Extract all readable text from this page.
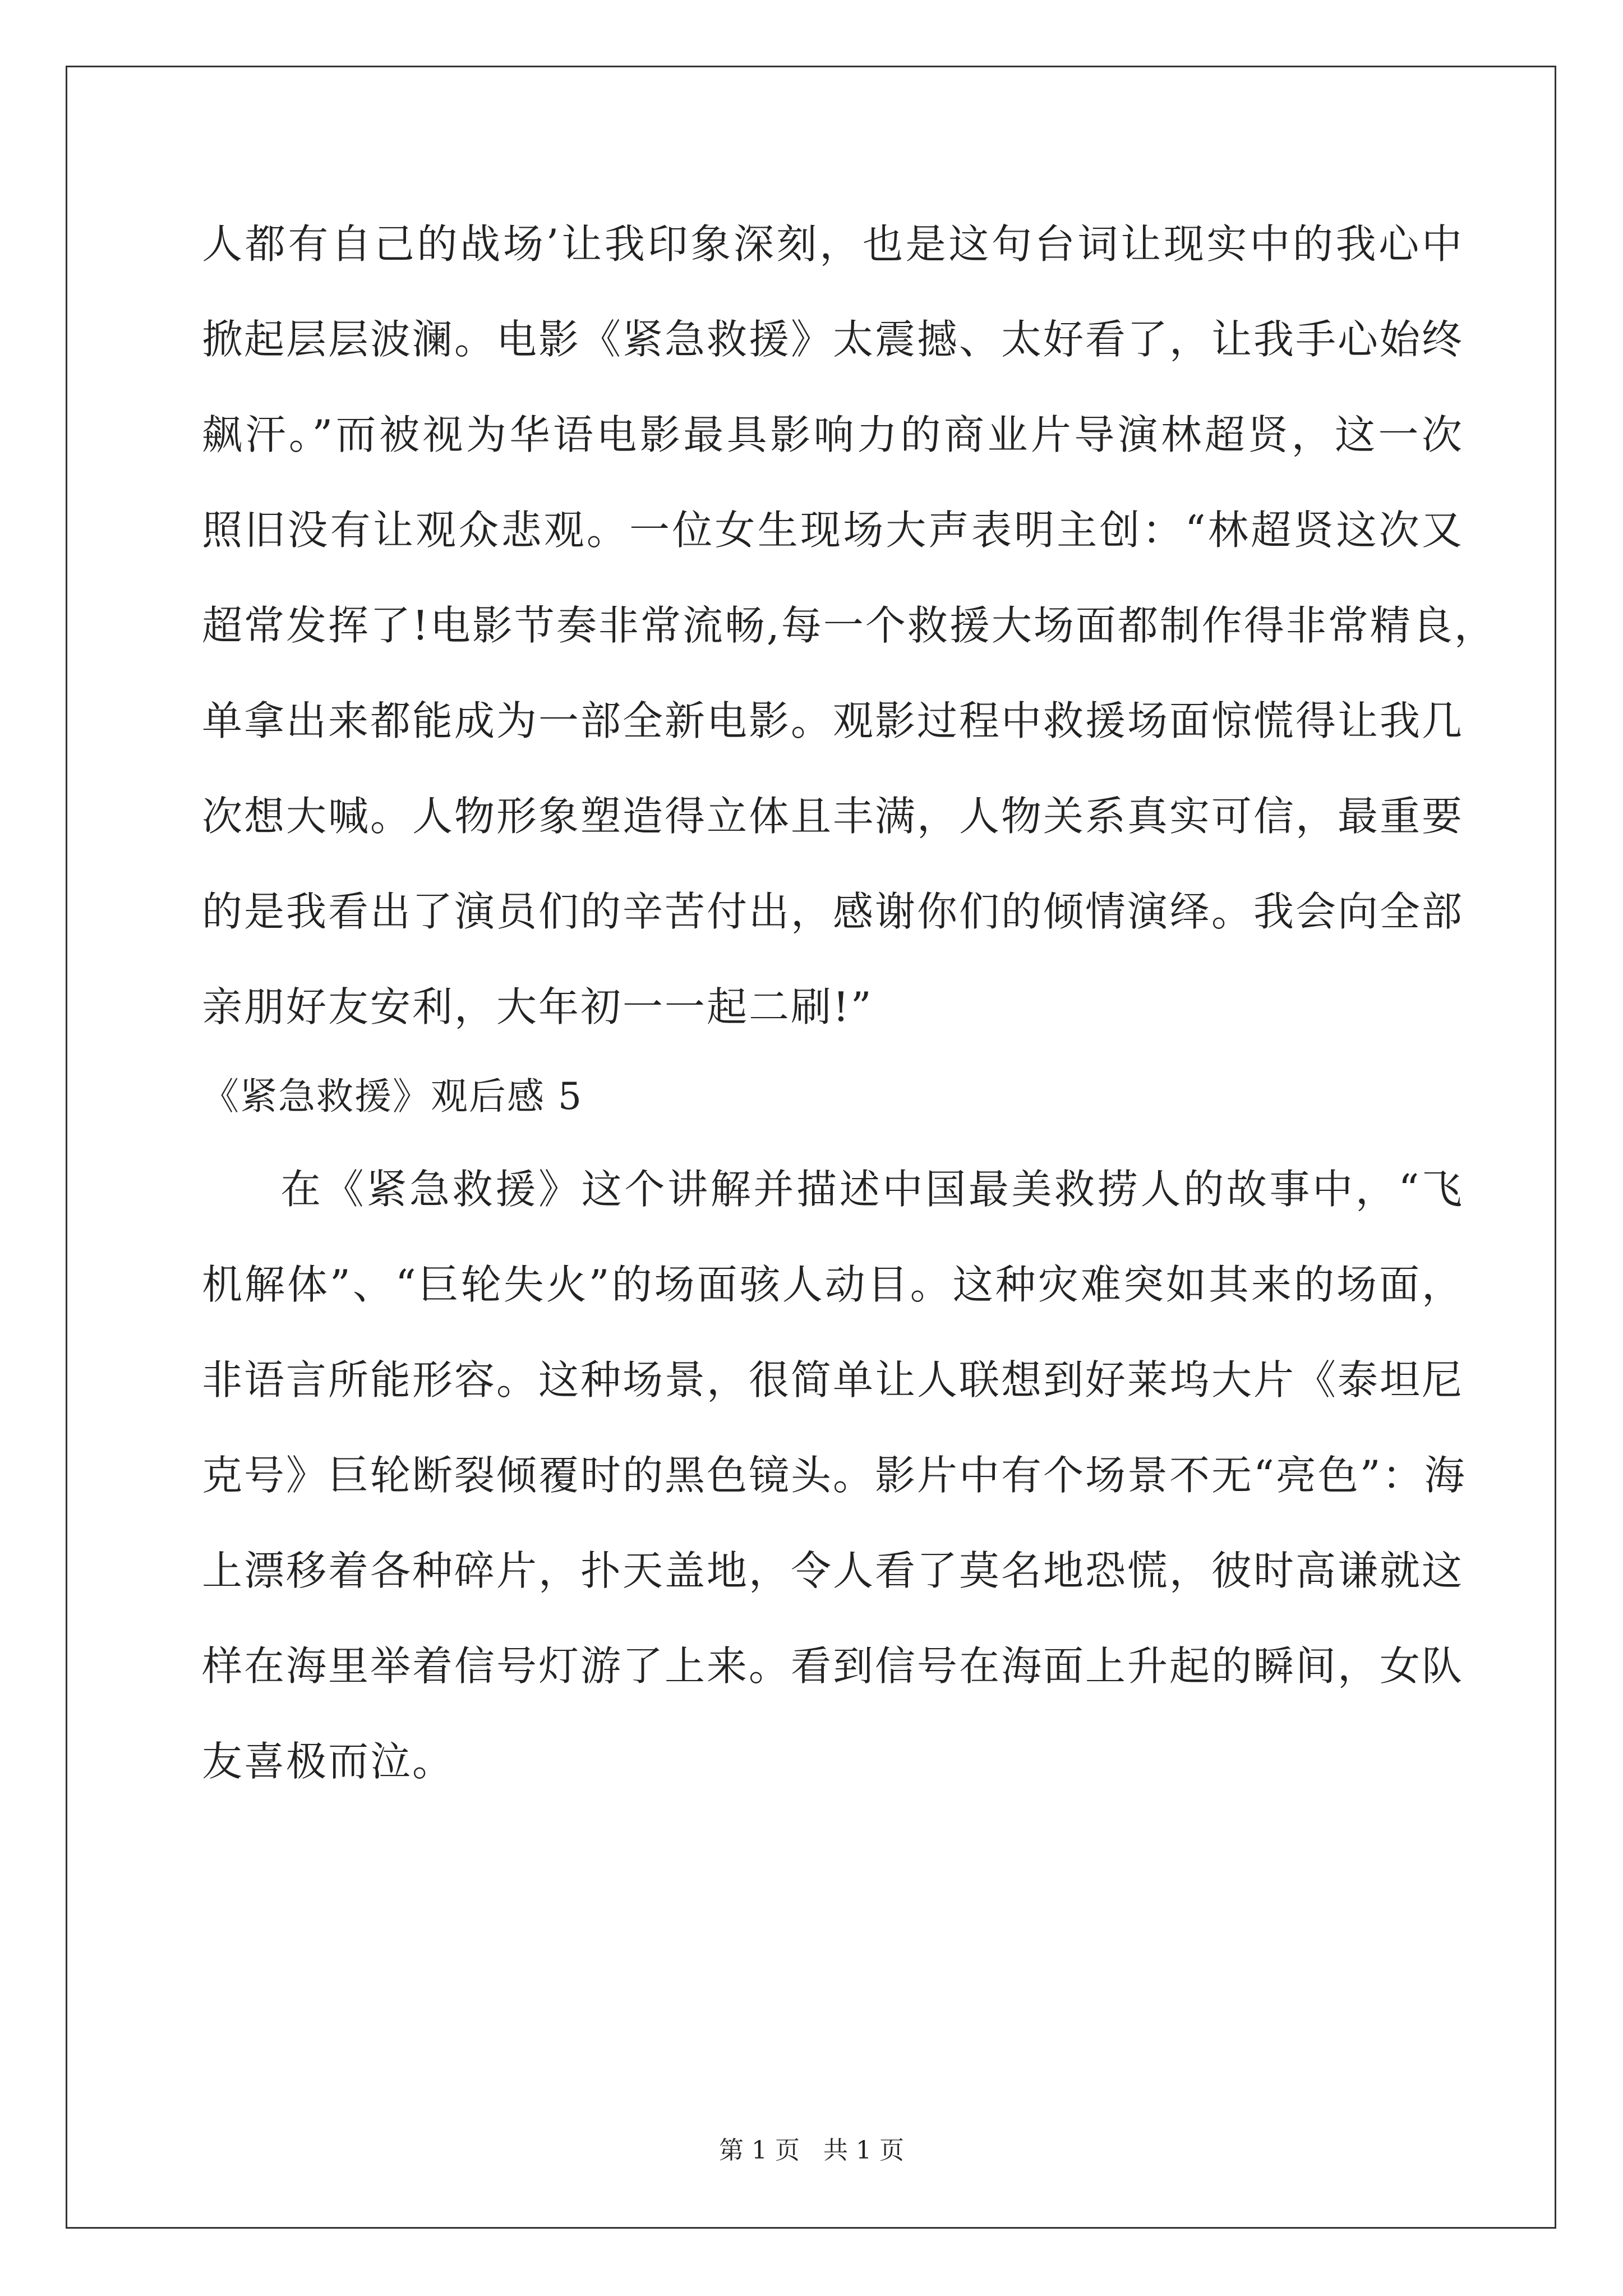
人都有自己的战场’让我印象深刻，也是这句台词让现实中的我心中
掀起层层波澜。电影《紧急救援》太震撼、太好看了，让我手心始终
飙汗。”而被视为华语电影最具影响力的商业片导演林超贤，这一次
照旧没有让观众悲观。一位女生现场大声表明主创：“林超贤这次又
超常发挥了!电影节奏非常流畅,每一个救援大场面都制作得非常精良，
单拿出来都能成为一部全新电影。观影过程中救援场面惊慌得让我几
次想大喊。人物形象塑造得立体且丰满，人物关系真实可信，最重要
的是我看出了演员们的辛苦付出，感谢你们的倾情演绎。我会向全部
亲朋好友安利，大年初一一起二刷!”
《紧急救援》观后感 5
在《紧急救援》这个讲解并描述中国最美救捞人的故事中，“飞
机解体”、“巨轮失火”的场面骇人动目。这种灾难突如其来的场面，
非语言所能形容。这种场景，很简单让人联想到好莱坞大片《泰坦尼
克号》巨轮断裂倾覆时的黑色镜头。影片中有个场景不无“亮色”：海
上漂移着各种碎片，扑天盖地，令人看了莫名地恐慌，彼时高谦就这
样在海里举着信号灯游了上来。看到信号在海面上升起的瞬间，女队
友喜极而泣。
第 1 页   共 1 页
